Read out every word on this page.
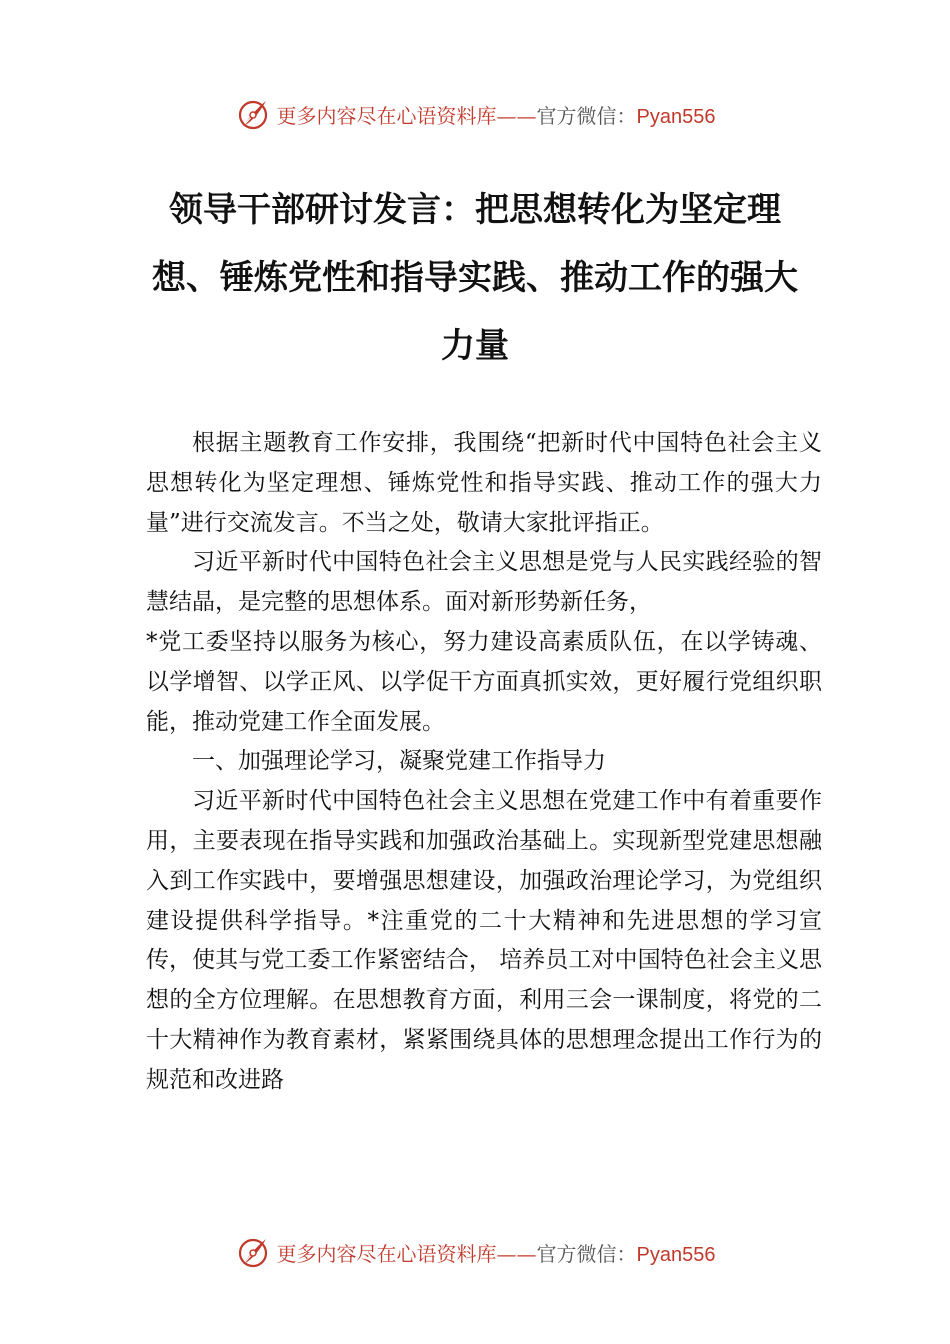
更多内容尽在心语资料库——官方微信：Pyan556
领导干部研讨发言：把思想转化为坚定理想、锤炼党性和指导实践、推动工作的强大力量

根据主题教育工作安排，我围绕“把新时代中国特色社会主义思想转化为坚定理想、锤炼党性和指导实践、推动工作的强大力量”进行交流发言。不当之处，敬请大家批评指正。

习近平新时代中国特色社会主义思想是党与人民实践经验的智慧结晶，是完整的思想体系。面对新形势新任务，

*党工委坚持以服务为核心，努力建设高素质队伍，在以学铸魂、以学增智、以学正风、以学促干方面真抓实效，更好履行党组织职能，推动党建工作全面发展。

一、加强理论学习，凝聚党建工作指导力

习近平新时代中国特色社会主义思想在党建工作中有着重要作用，主要表现在指导实践和加强政治基础上。实现新型党建思想融入到工作实践中，要增强思想建设，加强政治理论学习，为党组织建设提供科学指导。*注重党的二十大精神和先进思想的学习宣传，使其与党工委工作紧密结合， 培养员工对中国特色社会主义思想的全方位理解。在思想教育方面，利用三会一课制度，将党的二十大精神作为教育素材，紧紧围绕具体的思想理念提出工作行为的规范和改进路

更多内容尽在心语资料库——官方微信：Pyan556
